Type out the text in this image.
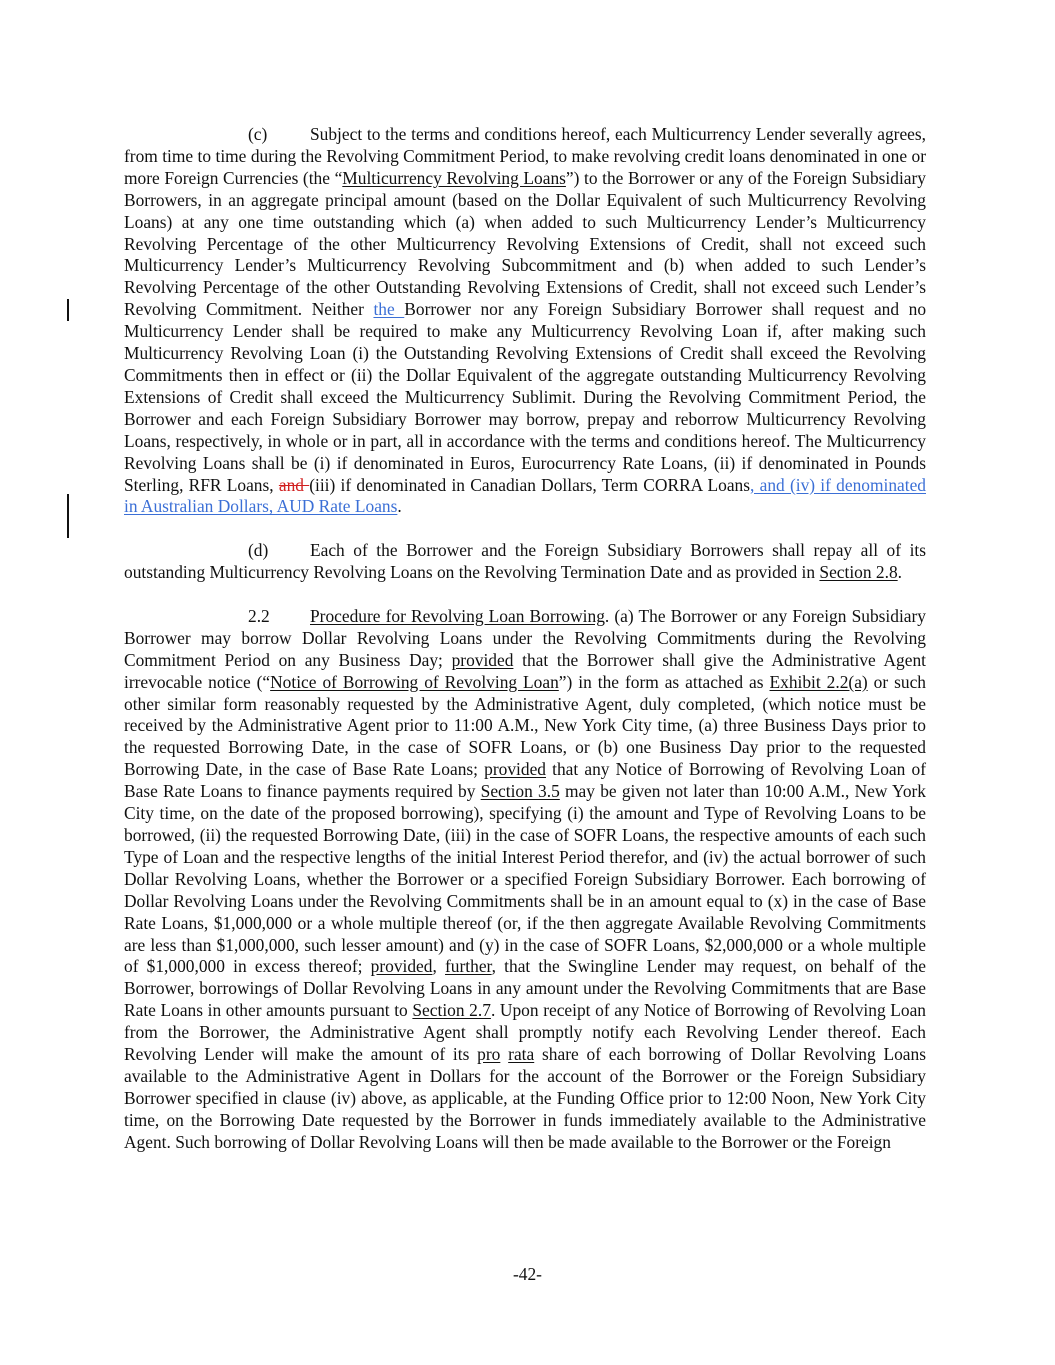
(c) Subject to the terms and conditions hereof, each Multicurrency Lender severally agrees, from time to time during the Revolving Commitment Period, to make revolving credit loans denominated in one or more Foreign Currencies (the “Multicurrency Revolving Loans”) to the Borrower or any of the Foreign Subsidiary Borrowers, in an aggregate principal amount (based on the Dollar Equivalent of such Multicurrency Revolving Loans) at any one time outstanding which (a) when added to such Multicurrency Lender’s Multicurrency Revolving Percentage of the other Multicurrency Revolving Extensions of Credit, shall not exceed such Multicurrency Lender’s Multicurrency Revolving Subcommitment and (b) when added to such Lender’s Revolving Percentage of the other Outstanding Revolving Extensions of Credit, shall not exceed such Lender’s Revolving Commitment. Neither the Borrower nor any Foreign Subsidiary Borrower shall request and no Multicurrency Lender shall be required to make any Multicurrency Revolving Loan if, after making such Multicurrency Revolving Loan (i) the Outstanding Revolving Extensions of Credit shall exceed the Revolving Commitments then in effect or (ii) the Dollar Equivalent of the aggregate outstanding Multicurrency Revolving Extensions of Credit shall exceed the Multicurrency Sublimit. During the Revolving Commitment Period, the Borrower and each Foreign Subsidiary Borrower may borrow, prepay and reborrow Multicurrency Revolving Loans, respectively, in whole or in part, all in accordance with the terms and conditions hereof. The Multicurrency Revolving Loans shall be (i) if denominated in Euros, Eurocurrency Rate Loans, (ii) if denominated in Pounds Sterling, RFR Loans, and (iii) if denominated in Canadian Dollars, Term CORRA Loans, and (iv) if denominated in Australian Dollars, AUD Rate Loans.

(d) Each of the Borrower and the Foreign Subsidiary Borrowers shall repay all of its outstanding Multicurrency Revolving Loans on the Revolving Termination Date and as provided in Section 2.8.

2.2 Procedure for Revolving Loan Borrowing. (a) The Borrower or any Foreign Subsidiary Borrower may borrow Dollar Revolving Loans under the Revolving Commitments during the Revolving Commitment Period on any Business Day; provided that the Borrower shall give the Administrative Agent irrevocable notice (“Notice of Borrowing of Revolving Loan”) in the form as attached as Exhibit 2.2(a) or such other similar form reasonably requested by the Administrative Agent, duly completed, (which notice must be received by the Administrative Agent prior to 11:00 A.M., New York City time, (a) three Business Days prior to the requested Borrowing Date, in the case of SOFR Loans, or (b) one Business Day prior to the requested Borrowing Date, in the case of Base Rate Loans; provided that any Notice of Borrowing of Revolving Loan of Base Rate Loans to finance payments required by Section 3.5 may be given not later than 10:00 A.M., New York City time, on the date of the proposed borrowing), specifying (i) the amount and Type of Revolving Loans to be borrowed, (ii) the requested Borrowing Date, (iii) in the case of SOFR Loans, the respective amounts of each such Type of Loan and the respective lengths of the initial Interest Period therefor, and (iv) the actual borrower of such Dollar Revolving Loans, whether the Borrower or a specified Foreign Subsidiary Borrower. Each borrowing of Dollar Revolving Loans under the Revolving Commitments shall be in an amount equal to (x) in the case of Base Rate Loans, $1,000,000 or a whole multiple thereof (or, if the then aggregate Available Revolving Commitments are less than $1,000,000, such lesser amount) and (y) in the case of SOFR Loans, $2,000,000 or a whole multiple of $1,000,000 in excess thereof; provided, further, that the Swingline Lender may request, on behalf of the Borrower, borrowings of Dollar Revolving Loans in any amount under the Revolving Commitments that are Base Rate Loans in other amounts pursuant to Section 2.7. Upon receipt of any Notice of Borrowing of Revolving Loan from the Borrower, the Administrative Agent shall promptly notify each Revolving Lender thereof. Each Revolving Lender will make the amount of its pro rata share of each borrowing of Dollar Revolving Loans available to the Administrative Agent in Dollars for the account of the Borrower or the Foreign Subsidiary Borrower specified in clause (iv) above, as applicable, at the Funding Office prior to 12:00 Noon, New York City time, on the Borrowing Date requested by the Borrower in funds immediately available to the Administrative Agent. Such borrowing of Dollar Revolving Loans will then be made available to the Borrower or the Foreign

-42-
